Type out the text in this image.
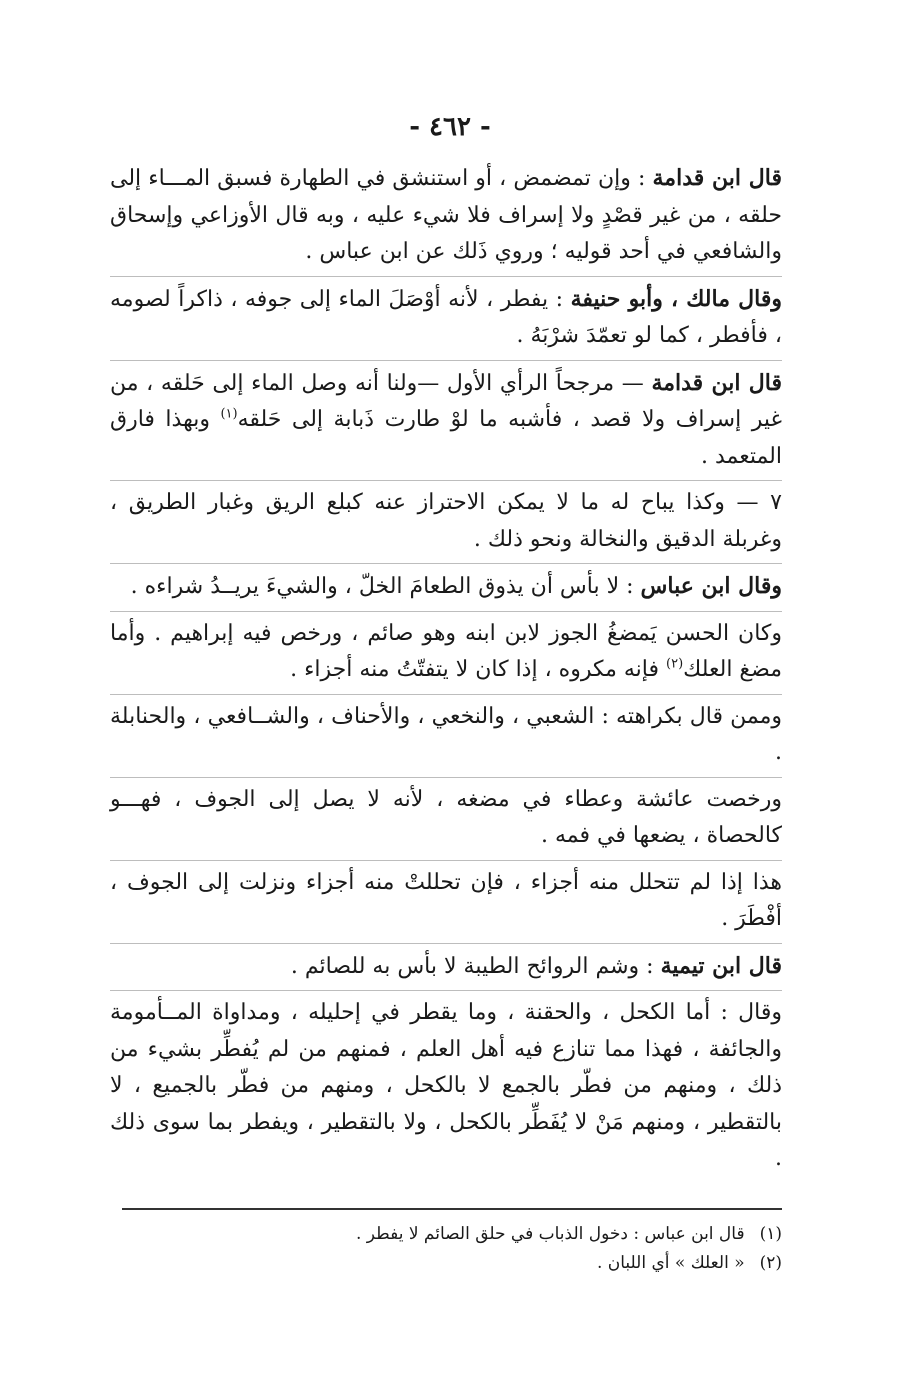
- ٤٦٢ -

قال ابن قدامة : وإن تمضمض ، أو استنشق في الطهارة فسبق المـــاء إلى حلقه ، من غير قصْدٍ ولا إسراف فلا شيء عليه ، وبه قال الأوزاعي وإسحاق والشافعي في أحد قوليه ؛ وروي ذَلك عن ابن عباس .

وقال مالك ، وأبو حنيفة : يفطر ، لأنه أوْصَلَ الماء إلى جوفه ، ذاكراً لصومه ، فأفطر ، كما لو تعمّدَ شرْبَهُ .

قال ابن قدامة — مرجحاً الرأي الأول —ولنا أنه وصل الماء إلى حَلقه ، من غير إسراف ولا قصد ، فأشبه ما لوْ طارت ذَبابة إلى حَلقه$^{(١)}$ وبهذا فارق المتعمد .

٧ — وكذا يباح له ما لا يمكن الاحتراز عنه كبلع الريق وغبار الطريق ، وغربلة الدقيق والنخالة ونحو ذلك .

وقال ابن عباس : لا بأس أن يذوق الطعامَ الخلّ ، والشيءَ يريــدُ شراءه .

وكان الحسن يَمضغُ الجوز لابن ابنه وهو صائم ، ورخص فيه إبراهيم . وأما مضغ العلك$^{(٢)}$ فإنه مكروه ، إذا كان لا يتفتّتُ منه أجزاء .

وممن قال بكراهته : الشعبي ، والنخعي ، والأحناف ، والشــافعي ، والحنابلة .

ورخصت عائشة وعطاء في مضغه ، لأنه لا يصل إلى الجوف ، فهـــو كالحصاة ، يضعها في فمه .

هذا إذا لم تتحلل منه أجزاء ، فإن تحللتْ منه أجزاء ونزلت إلى الجوف ، أفْطَرَ .

قال ابن تيمية : وشم الروائح الطيبة لا بأس به للصائم .

وقال : أما الكحل ، والحقنة ، وما يقطر في إحليله ، ومداواة المــأمومة والجائفة ، فهذا مما تنازع فيه أهل العلم ، فمنهم من لم يُفطِّر بشيء من ذلك ، ومنهم من فطّر بالجمع لا بالكحل ، ومنهم من فطّر بالجميع ، لا بالتقطير ، ومنهم مَنْ لا يُفَطِّر بالكحل ، ولا بالتقطير ، ويفطر بما سوى ذلك .

(١) قال ابن عباس : دخول الذباب في حلق الصائم لا يفطر .
(٢) « العلك » أي اللبان .
